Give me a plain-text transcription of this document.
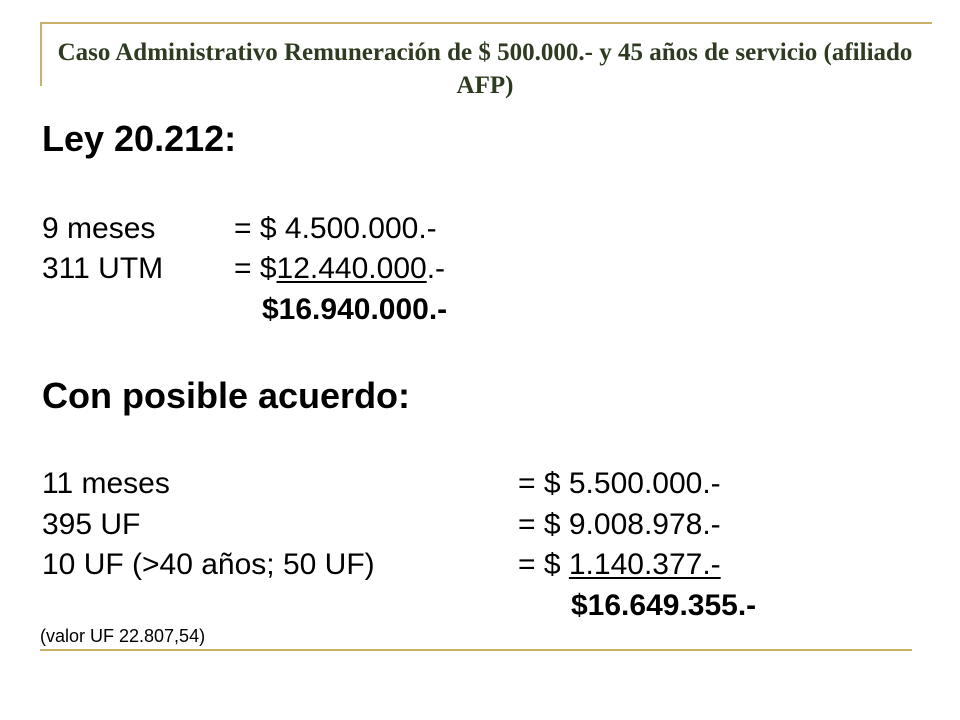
Caso Administrativo Remuneración de $ 500.000.- y 45 años de servicio (afiliado AFP)
Ley 20.212:
9 meses	= $ 4.500.000.-
311 UTM = $12.440.000.-
$16.940.000.-
Con posible acuerdo:
11 meses	= $ 5.500.000.-
395 UF	= $ 9.008.978.-
10 UF (>40 años; 50 UF)	= $ 1.140.377.-
$16.649.355.-
(valor UF 22.807,54)
